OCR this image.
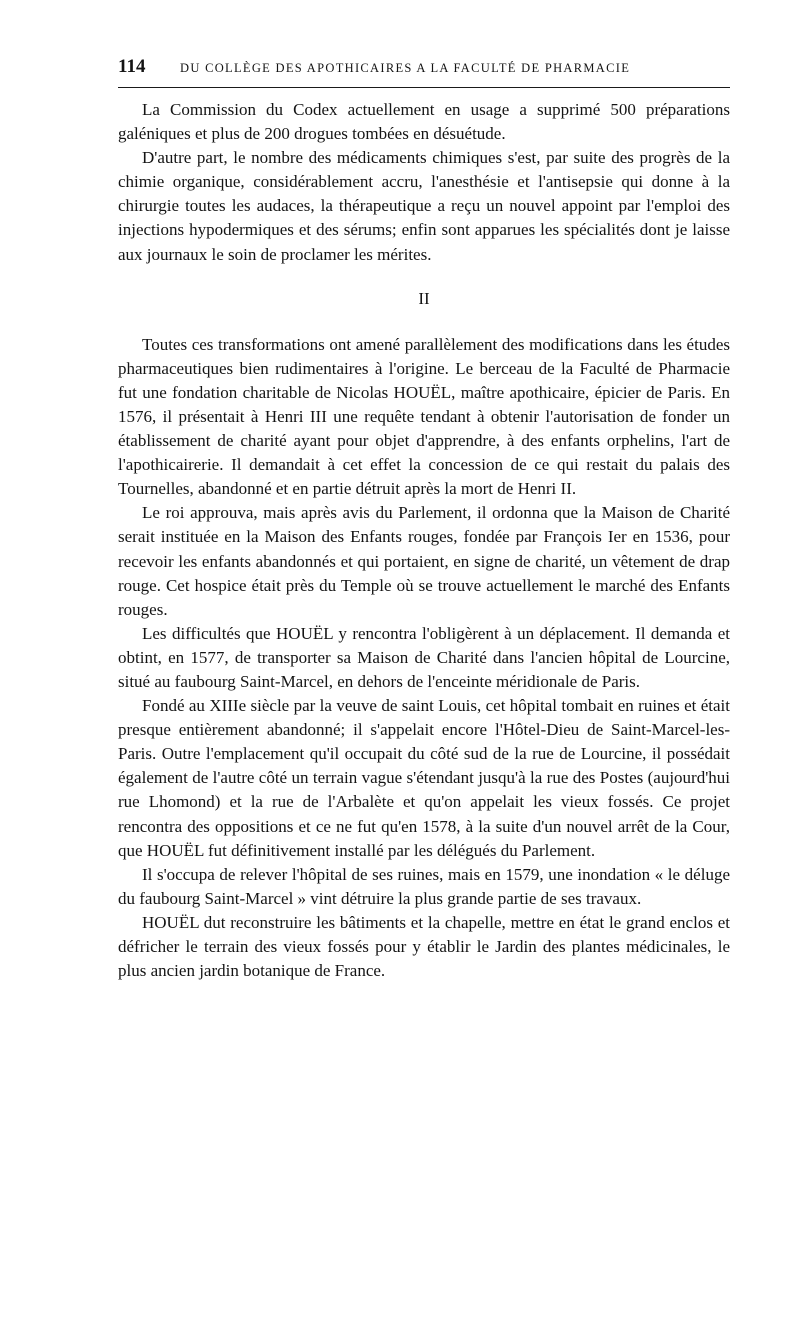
114	DU COLLÈGE DES APOTHICAIRES A LA FACULTÉ DE PHARMACIE

La Commission du Codex actuellement en usage a supprimé 500 préparations galéniques et plus de 200 drogues tombées en désuétude.

D'autre part, le nombre des médicaments chimiques s'est, par suite des progrès de la chimie organique, considérablement accru, l'anesthésie et l'antisepsie qui donne à la chirurgie toutes les audaces, la thérapeutique a reçu un nouvel appoint par l'emploi des injections hypodermiques et des sérums; enfin sont apparues les spécialités dont je laisse aux journaux le soin de proclamer les mérites.

II

Toutes ces transformations ont amené parallèlement des modifications dans les études pharmaceutiques bien rudimentaires à l'origine. Le berceau de la Faculté de Pharmacie fut une fondation charitable de Nicolas HOUËL, maître apothicaire, épicier de Paris. En 1576, il présentait à Henri III une requête tendant à obtenir l'autorisation de fonder un établissement de charité ayant pour objet d'apprendre, à des enfants orphelins, l'art de l'apothicairerie. Il demandait à cet effet la concession de ce qui restait du palais des Tournelles, abandonné et en partie détruit après la mort de Henri II.

Le roi approuva, mais après avis du Parlement, il ordonna que la Maison de Charité serait instituée en la Maison des Enfants rouges, fondée par François Ier en 1536, pour recevoir les enfants abandonnés et qui portaient, en signe de charité, un vêtement de drap rouge. Cet hospice était près du Temple où se trouve actuellement le marché des Enfants rouges.

Les difficultés que HOUËL y rencontra l'obligèrent à un déplacement. Il demanda et obtint, en 1577, de transporter sa Maison de Charité dans l'ancien hôpital de Lourcine, situé au faubourg Saint-Marcel, en dehors de l'enceinte méridionale de Paris.

Fondé au XIIIe siècle par la veuve de saint Louis, cet hôpital tombait en ruines et était presque entièrement abandonné; il s'appelait encore l'Hôtel-Dieu de Saint-Marcel-les-Paris. Outre l'emplacement qu'il occupait du côté sud de la rue de Lourcine, il possédait également de l'autre côté un terrain vague s'étendant jusqu'à la rue des Postes (aujourd'hui rue Lhomond) et la rue de l'Arbalète et qu'on appelait les vieux fossés. Ce projet rencontra des oppositions et ce ne fut qu'en 1578, à la suite d'un nouvel arrêt de la Cour, que HOUËL fut définitivement installé par les délégués du Parlement.

Il s'occupa de relever l'hôpital de ses ruines, mais en 1579, une inondation « le déluge du faubourg Saint-Marcel » vint détruire la plus grande partie de ses travaux.

HOUËL dut reconstruire les bâtiments et la chapelle, mettre en état le grand enclos et défricher le terrain des vieux fossés pour y établir le Jardin des plantes médicinales, le plus ancien jardin botanique de France.
